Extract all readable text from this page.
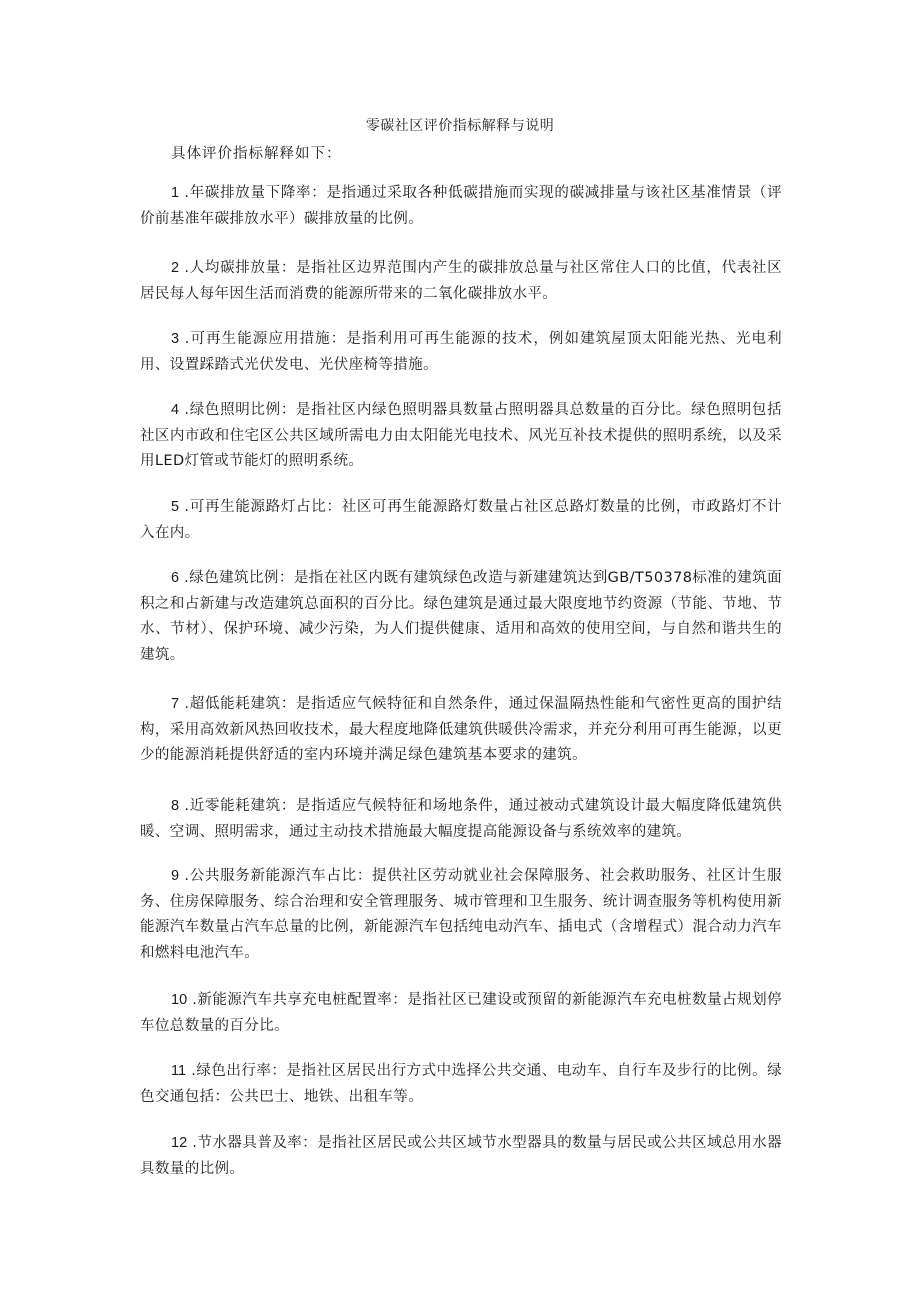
零碳社区评价指标解释与说明
具体评价指标解释如下：
1 .年碳排放量下降率：是指通过采取各种低碳措施而实现的碳减排量与该社区基准情景（评价前基准年碳排放水平）碳排放量的比例。
2 .人均碳排放量：是指社区边界范围内产生的碳排放总量与社区常住人口的比值，代表社区居民每人每年因生活而消费的能源所带来的二氧化碳排放水平。
3 .可再生能源应用措施：是指利用可再生能源的技术，例如建筑屋顶太阳能光热、光电利用、设置踩踏式光伏发电、光伏座椅等措施。
4 .绿色照明比例：是指社区内绿色照明器具数量占照明器具总数量的百分比。绿色照明包括社区内市政和住宅区公共区域所需电力由太阳能光电技术、风光互补技术提供的照明系统，以及采用LED灯管或节能灯的照明系统。
5 .可再生能源路灯占比：社区可再生能源路灯数量占社区总路灯数量的比例，市政路灯不计入在内。
6 .绿色建筑比例：是指在社区内既有建筑绿色改造与新建建筑达到GB/T50378标准的建筑面积之和占新建与改造建筑总面积的百分比。绿色建筑是通过最大限度地节约资源（节能、节地、节水、节材）、保护环境、减少污染，为人们提供健康、适用和高效的使用空间，与自然和谐共生的建筑。
7 .超低能耗建筑：是指适应气候特征和自然条件，通过保温隔热性能和气密性更高的围护结构，采用高效新风热回收技术，最大程度地降低建筑供暖供冷需求，并充分利用可再生能源，以更少的能源消耗提供舒适的室内环境并满足绿色建筑基本要求的建筑。
8 .近零能耗建筑：是指适应气候特征和场地条件，通过被动式建筑设计最大幅度降低建筑供暖、空调、照明需求，通过主动技术措施最大幅度提高能源设备与系统效率的建筑。
9 .公共服务新能源汽车占比：提供社区劳动就业社会保障服务、社会救助服务、社区计生服务、住房保障服务、综合治理和安全管理服务、城市管理和卫生服务、统计调查服务等机构使用新能源汽车数量占汽车总量的比例，新能源汽车包括纯电动汽车、插电式（含增程式）混合动力汽车和燃料电池汽车。
10 .新能源汽车共享充电桩配置率：是指社区已建设或预留的新能源汽车充电桩数量占规划停车位总数量的百分比。
11 .绿色出行率：是指社区居民出行方式中选择公共交通、电动车、自行车及步行的比例。绿色交通包括：公共巴士、地铁、出租车等。
12 .节水器具普及率：是指社区居民或公共区域节水型器具的数量与居民或公共区域总用水器具数量的比例。
